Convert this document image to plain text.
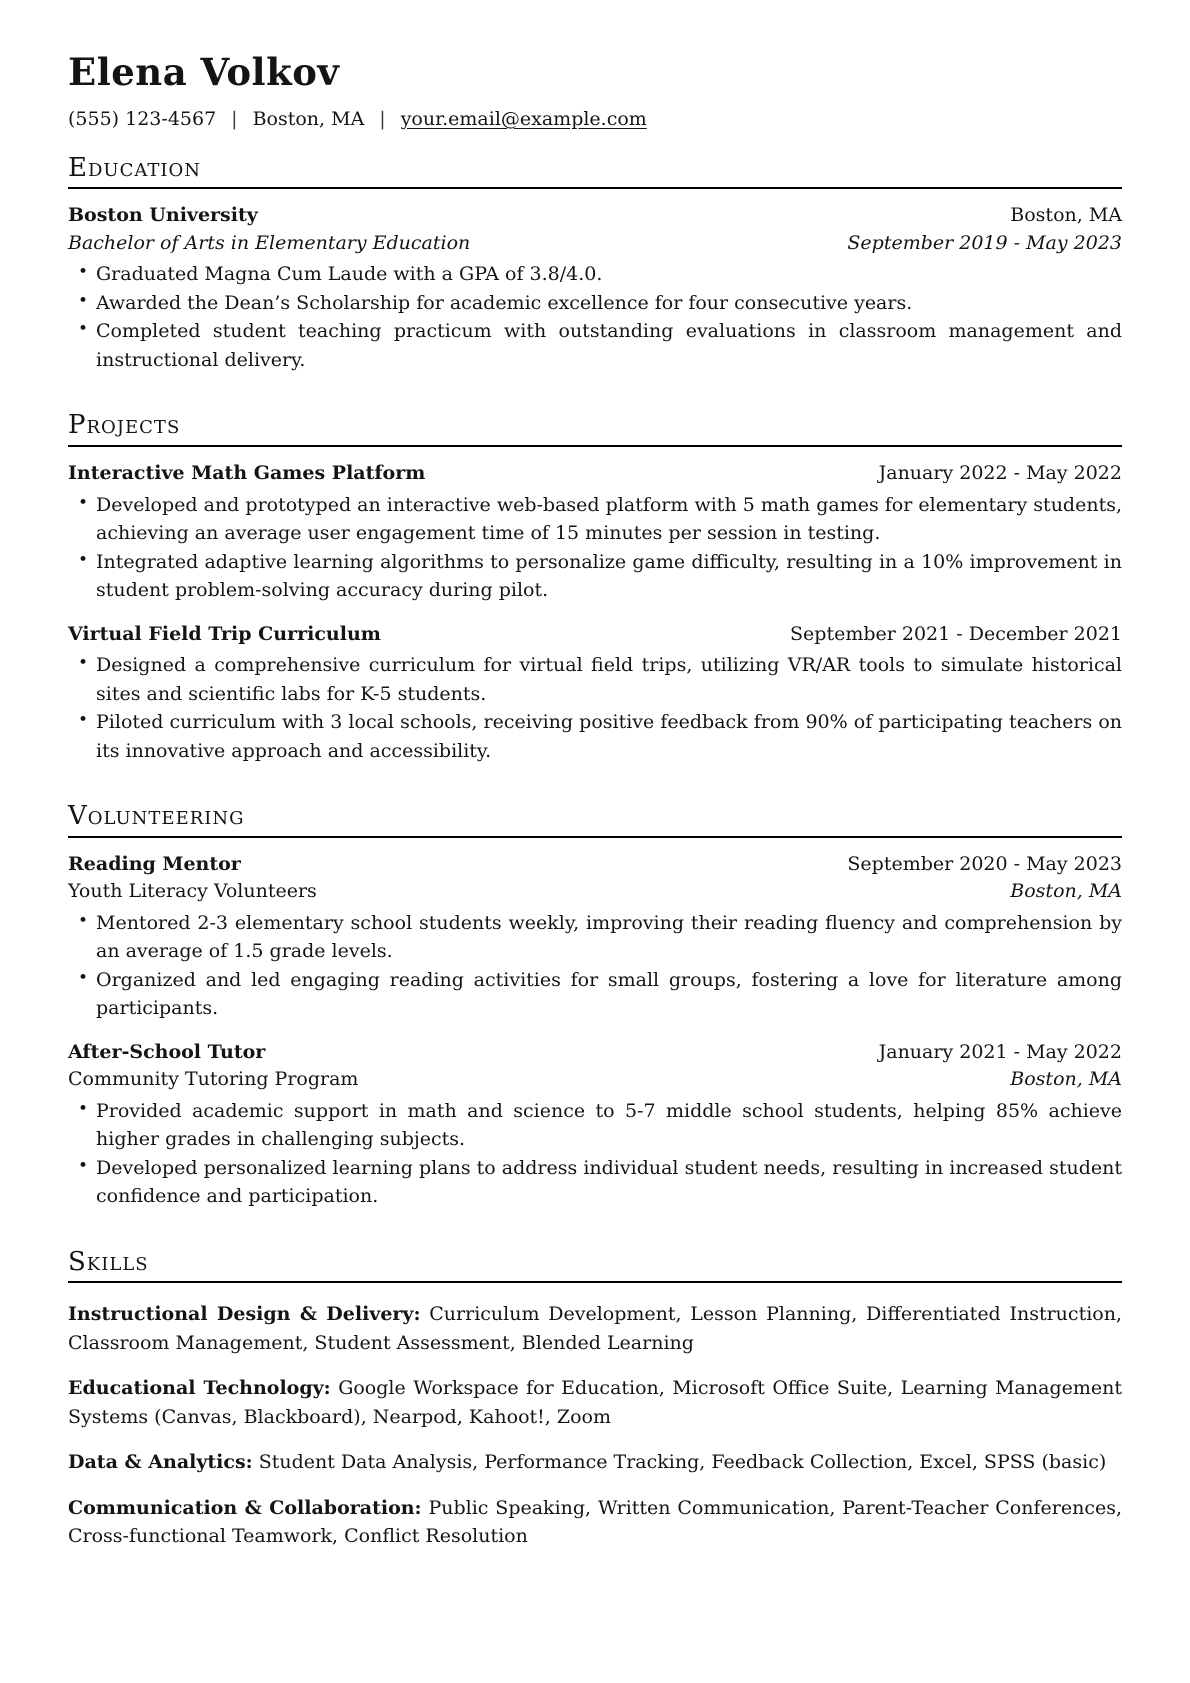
Elena Volkov
(555) 123-4567 | Boston, MA | your.email@example.com
Education
Boston University	Boston, MA
Bachelor of Arts in Elementary Education	September 2019 - May 2023
• Graduated Magna Cum Laude with a GPA of 3.8/4.0.
• Awarded the Dean’s Scholarship for academic excellence for four consecutive years.
• Completed student teaching practicum with outstanding evaluations in classroom management and instructional delivery.
Projects
Interactive Math Games Platform	January 2022 - May 2022
• Developed and prototyped an interactive web-based platform with 5 math games for elementary students, achieving an average user engagement time of 15 minutes per session in testing.
• Integrated adaptive learning algorithms to personalize game difficulty, resulting in a 10% improvement in student problem-solving accuracy during pilot.
Virtual Field Trip Curriculum	September 2021 - December 2021
• Designed a comprehensive curriculum for virtual field trips, utilizing VR/AR tools to simulate historical sites and scientific labs for K-5 students.
• Piloted curriculum with 3 local schools, receiving positive feedback from 90% of participating teachers on its innovative approach and accessibility.
Volunteering
Reading Mentor	September 2020 - May 2023
Youth Literacy Volunteers	Boston, MA
• Mentored 2-3 elementary school students weekly, improving their reading fluency and comprehension by an average of 1.5 grade levels.
• Organized and led engaging reading activities for small groups, fostering a love for literature among participants.
After-School Tutor	January 2021 - May 2022
Community Tutoring Program	Boston, MA
• Provided academic support in math and science to 5-7 middle school students, helping 85% achieve higher grades in challenging subjects.
• Developed personalized learning plans to address individual student needs, resulting in increased student confidence and participation.
Skills

Instructional Design & Delivery: Curriculum Development, Lesson Planning, Differentiated Instruction, Classroom Management, Student Assessment, Blended Learning

Educational Technology: Google Workspace for Education, Microsoft Office Suite, Learning Management Systems (Canvas, Blackboard), Nearpod, Kahoot!, Zoom

Data & Analytics: Student Data Analysis, Performance Tracking, Feedback Collection, Excel, SPSS (basic)

Communication & Collaboration: Public Speaking, Written Communication, Parent-Teacher Conferences, Cross-functional Teamwork, Conflict Resolution
